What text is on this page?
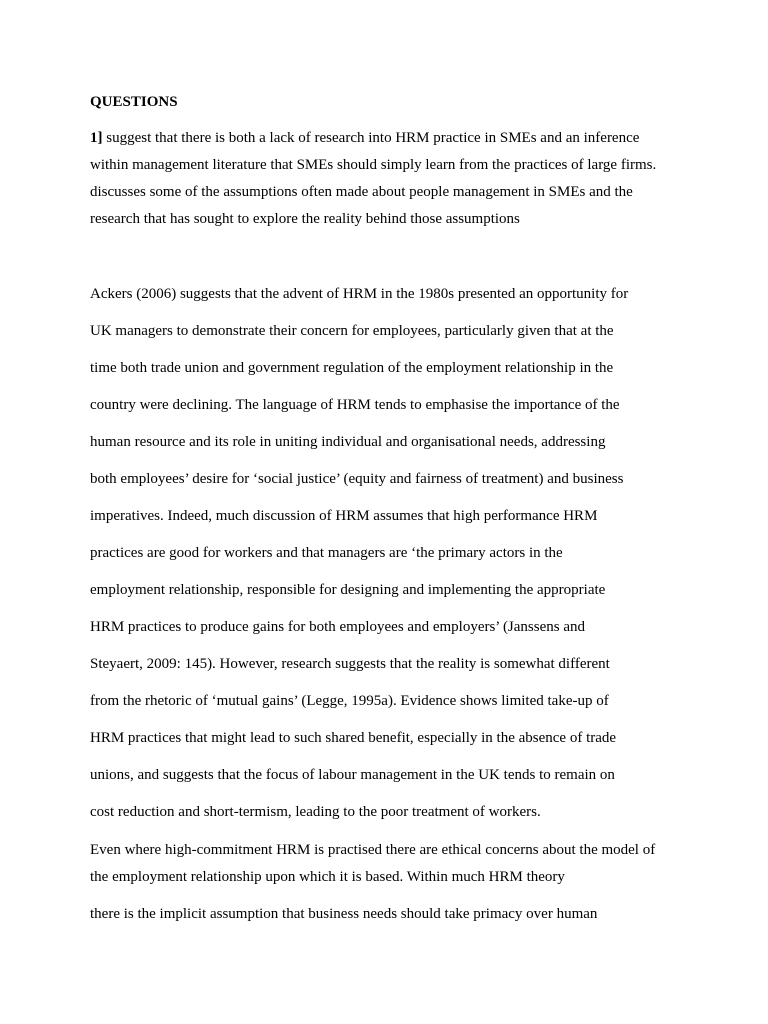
QUESTIONS
1] suggest that there is both a lack of research into HRM practice in SMEs and an inference
within management literature that SMEs should simply learn from the practices of large firms.
discusses some of the assumptions often made about people management in SMEs and the
research that has sought to explore the reality behind those assumptions
Ackers (2006) suggests that the advent of HRM in the 1980s presented an opportunity for
UK managers to demonstrate their concern for employees, particularly given that at the
time both trade union and government regulation of the employment relationship in the
country were declining. The language of HRM tends to emphasise the importance of the
human resource and its role in uniting individual and organisational needs, addressing
both employees’ desire for ‘social justice’ (equity and fairness of treatment) and business
imperatives. Indeed, much discussion of HRM assumes that high performance HRM
practices are good for workers and that managers are ‘the primary actors in the
employment relationship, responsible for designing and implementing the appropriate
HRM practices to produce gains for both employees and employers’ (Janssens and
Steyaert, 2009: 145). However, research suggests that the reality is somewhat different
from the rhetoric of ‘mutual gains’ (Legge, 1995a). Evidence shows limited take-up of
HRM practices that might lead to such shared benefit, especially in the absence of trade
unions, and suggests that the focus of labour management in the UK tends to remain on
cost reduction and short-termism, leading to the poor treatment of workers.
Even where high-commitment HRM is practised there are ethical concerns about the model of
the employment relationship upon which it is based. Within much HRM theory
there is the implicit assumption that business needs should take primacy over human
